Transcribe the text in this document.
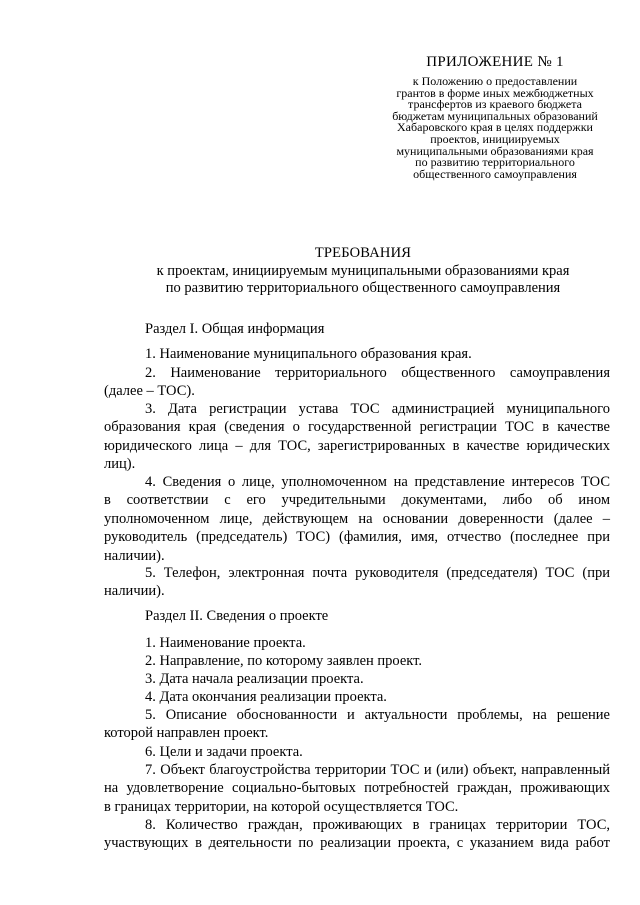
ПРИЛОЖЕНИЕ № 1
к Положению о предоставлении
грантов в форме иных межбюджетных
трансфертов из краевого бюджета
бюджетам муниципальных образований
Хабаровского края в целях поддержки
проектов, инициируемых
муниципальными образованиями края
по развитию территориального
общественного самоуправления
ТРЕБОВАНИЯ
к проектам, инициируемым муниципальными образованиями края
по развитию территориального общественного самоуправления
Раздел I. Общая информация
1. Наименование муниципального образования края.
2. Наименование территориального общественного самоуправления
(далее – ТОС).
3. Дата регистрации устава ТОС администрацией муниципального
образования края (сведения о государственной регистрации ТОС в качестве
юридического лица – для ТОС, зарегистрированных в качестве юридических
лиц).
4. Сведения о лице, уполномоченном на представление интересов ТОС
в соответствии с его учредительными документами, либо об ином
уполномоченном лице, действующем на основании доверенности (далее –
руководитель (председатель) ТОС) (фамилия, имя, отчество (последнее при
наличии).
5. Телефон, электронная почта руководителя (председателя) ТОС (при
наличии).
Раздел II. Сведения о проекте
1. Наименование проекта.
2. Направление, по которому заявлен проект.
3. Дата начала реализации проекта.
4. Дата окончания реализации проекта.
5. Описание обоснованности и актуальности проблемы, на решение
которой направлен проект.
6. Цели и задачи проекта.
7. Объект благоустройства территории ТОС и (или) объект, направленный
на удовлетворение социально-бытовых потребностей граждан, проживающих
в границах территории, на которой осуществляется ТОС.
8. Количество граждан, проживающих в границах территории ТОС,
участвующих в деятельности по реализации проекта, с указанием вида работ
